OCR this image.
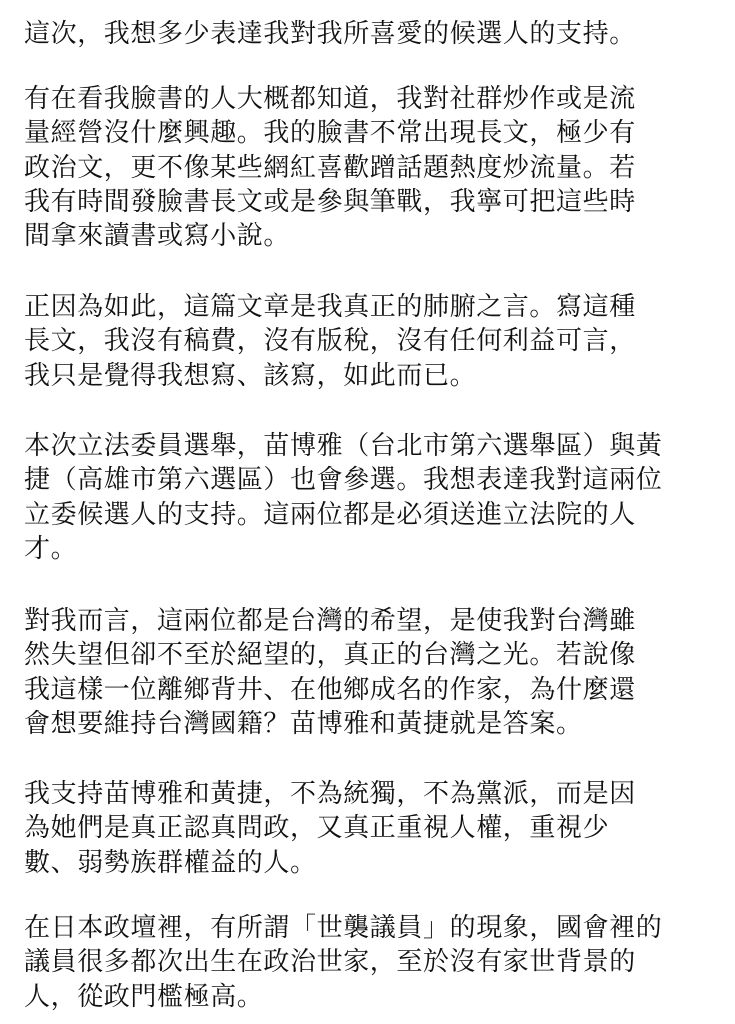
這次，我想多少表達我對我所喜愛的候選人的支持。
有在看我臉書的人大概都知道，我對社群炒作或是流
量經營沒什麼興趣。我的臉書不常出現長文，極少有
政治文，更不像某些網紅喜歡蹭話題熱度炒流量。若
我有時間發臉書長文或是參與筆戰，我寧可把這些時
間拿來讀書或寫小說。
正因為如此，這篇文章是我真正的肺腑之言。寫這種
長文，我沒有稿費，沒有版稅，沒有任何利益可言，
我只是覺得我想寫、該寫，如此而已。
本次立法委員選舉，苗博雅（台北市第六選舉區）與黃
捷（高雄市第六選區）也會參選。我想表達我對這兩位
立委候選人的支持。這兩位都是必須送進立法院的人
才。
對我而言，這兩位都是台灣的希望，是使我對台灣雖
然失望但卻不至於絕望的，真正的台灣之光。若說像
我這樣一位離鄉背井、在他鄉成名的作家，為什麼還
會想要維持台灣國籍？苗博雅和黃捷就是答案。
我支持苗博雅和黃捷，不為統獨，不為黨派，而是因
為她們是真正認真問政，又真正重視人權，重視少
數、弱勢族群權益的人。
在日本政壇裡，有所謂「世襲議員」的現象，國會裡的
議員很多都次出生在政治世家，至於沒有家世背景的
人，從政門檻極高。
